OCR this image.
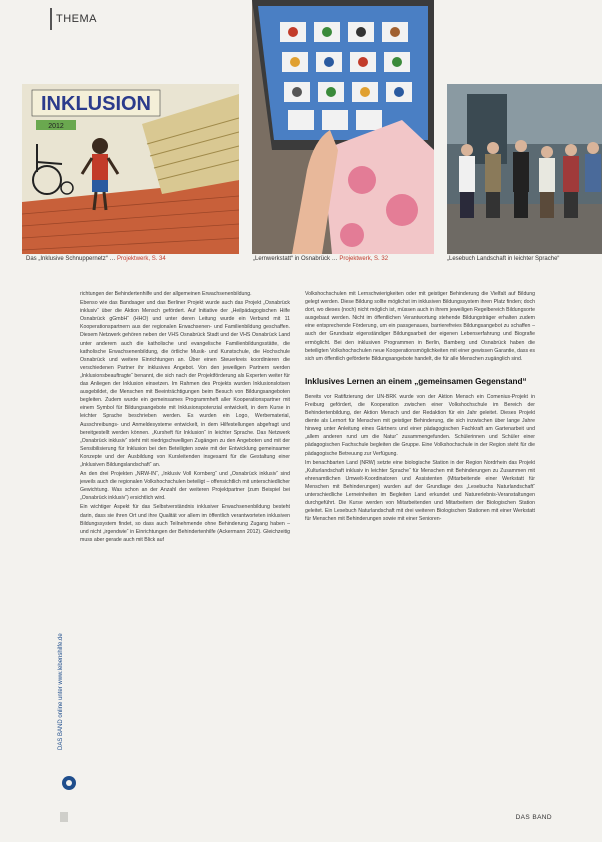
THEMA
INKLUSION
2012
Das „Inklusive Schnuppernetz“ … Projektwerk, S. 34	„Lernwerkstatt“ in Osnabrück … Projektwerk, S. 32	„Lesebuch Landschaft in leichter Sprache“

richtungen der Behindertenhilfe und der allgemeinen Erwachsenenbildung.

Ebenso wie das Bandsager und das Berliner Projekt wurde auch das Projekt „Osnabrück inklusiv“ über die Aktion Mensch gefördert. Auf Initiative der „Heilpädagogischen Hilfe Osnabrück gGmbH“ (HHO) und unter deren Leitung wurde ein Verbund mit 11 Kooperationspartnern aus der regionalen Erwachsenen- und Familienbildung geschaffen. Diesem Netzwerk gehören neben der VHS Osnabrück Stadt und der VHS Osnabrück Land unter anderem auch die katholische und evangelische Familienbildungsstätte, die katholische Erwachsenenbildung, die örtliche Musik- und Kunstschule, die Hochschule Osnabrück und weitere Einrichtungen an. Über einen Steuerkreis koordinieren die verschiedenen Partner ihr inklusives Angebot. Von den jeweiligen Partnern werden „Inklusionsbeauftragte“ benannt, die sich nach der Projektförderung als Experten weiter für das Anliegen der Inklusion einsetzen. Im Rahmen des Projekts wurden Inklusionslotsen ausgebildet, die Menschen mit Beeinträchtigungen beim Besuch von Bildungsangeboten begleiten. Zudem wurde ein gemeinsames Programmheft aller Kooperationspartner mit einem Symbol für Bildungsangebote mit Inklusionspotenzial entwickelt, in dem Kurse in leichter Sprache beschrieben werden. Es wurden ein Logo, Werbematerial, Ausschreibungs- und Anmeldesysteme entwickelt, in dem Hilfestellungen abgefragt und bereitgestellt werden können. „Kursheft für Inklusion“ in leichter Sprache. Das Netzwerk „Osnabrück inklusiv“ steht mit niedrigschwelligen Zugängen zu den Angeboten und mit der Sensibilisierung für Inklusion bei den Beteiligten sowie mit der Entwicklung gemeinsamer Konzepte und der Ausbildung von Kursleitenden insgesamt für die Gestaltung einer „Inklusiven Bildungslandschaft“ an.

An den drei Projekten „NRW-IN“, „Inklusiv Voll Kornberg“ und „Osnabrück inklusiv“ sind jeweils auch die regionalen Volkshochschulen beteiligt – offensichtlich mit unterschiedlicher Gewichtung. Was schon an der Anzahl der weiteren Projektpartner (zum Beispiel bei „Osnabrück inklusiv“) ersichtlich wird.

Ein wichtiger Aspekt für das Selbstverständnis inklusiver Erwachsenenbildung besteht darin, dass sie ihren Ort und ihre Qualität vor allem im öffentlich verantworteten inklusiven Bildungssystem findet, so dass auch Teilnehmende ohne Behinderung Zugang haben – und nicht „irgendwie“ in Einrichtungen der Behindertenhilfe (Ackermann 2012). Gleichzeitig muss aber gerade auch mit Blick auf

Volkshochschulen mit Lernschwierigkeiten oder mit geistiger Behinderung die Vielfalt auf Bildung gelegt werden. Diese Bildung sollte möglichst im inklusiven Bildungssystem ihren Platz finden; doch dort, wo dieses (noch) nicht möglich ist, müssen auch in ihrem jeweiligen Regelbereich Bildungsorte ausgebaut werden. Nicht im öffentlichen Verantwortung stehende Bildungsträger erhalten zudem eine entsprechende Förderung, um ein passgenaues, barrierefreies Bildungsangebot zu schaffen – auch der Grundsatz eigenständiger Bildungsarbeit der eigenen Lebenserfahrung und Biografie ermöglicht. Bei den inklusiven Programmen in Berlin, Bamberg und Osnabrück haben die beteiligten Volkshochschulen neue Kooperationsmöglichkeiten mit einer gewissen Garantie, dass es sich um öffentlich geförderte Bildungsangebote handelt, die für alle Menschen zugänglich sind.

Inklusives Lernen an einem „gemeinsamen Gegenstand“

Bereits vor Ratifizierung der UN-BRK wurde von der Aktion Mensch ein Comenius-Projekt in Freiburg gefördert, die Kooperation zwischen einer Volkshochschule im Bereich der Behindertenbildung, der Aktion Mensch und der Redaktion für ein Jahr geleitet. Dieses Projekt diente als Lernort für Menschen mit geistiger Behinderung, die sich inzwischen über lange Jahre hinweg unter Anleitung eines Gärtners und einer pädagogischen Fachkraft am Gartenarbeit und „allem anderen rund um die Natur“ zusammengefunden. Schülerinnen und Schüler einer pädagogischen Fachschule begleiten die Gruppe. Eine Volkshochschule in der Region steht für die pädagogische Betreuung zur Verfügung.

Im benachbarten Land (NRW) setzte eine biologische Station in der Region Nordrhein das Projekt „Kulturlandschaft inklusiv in leichter Sprache“ für Menschen mit Behinderungen zu Zusammen mit ehrenamtlichen Umwelt-Koordinatoren und Assistenten (Mitarbeitende einer Werkstatt für Menschen mit Behinderungen) wurden auf der Grundlage des „Lesebuchs Naturlandschaft“ unterschiedliche Lerneinheiten im Begleiten Land erkundet und Naturerlebnis-Veranstaltungen durchgeführt. Die Kurse werden von Mitarbeitenden und Mitarbeitern der Biologischen Station geleitet. Ein Lesebuch Naturlandschaft mit drei weiteren Biologischen Stationen mit einer Werkstatt für Menschen mit Behinderungen sowie mit einer Senioren-

DAS BAND online unter www.lebenshilfe.de
DAS BAND
